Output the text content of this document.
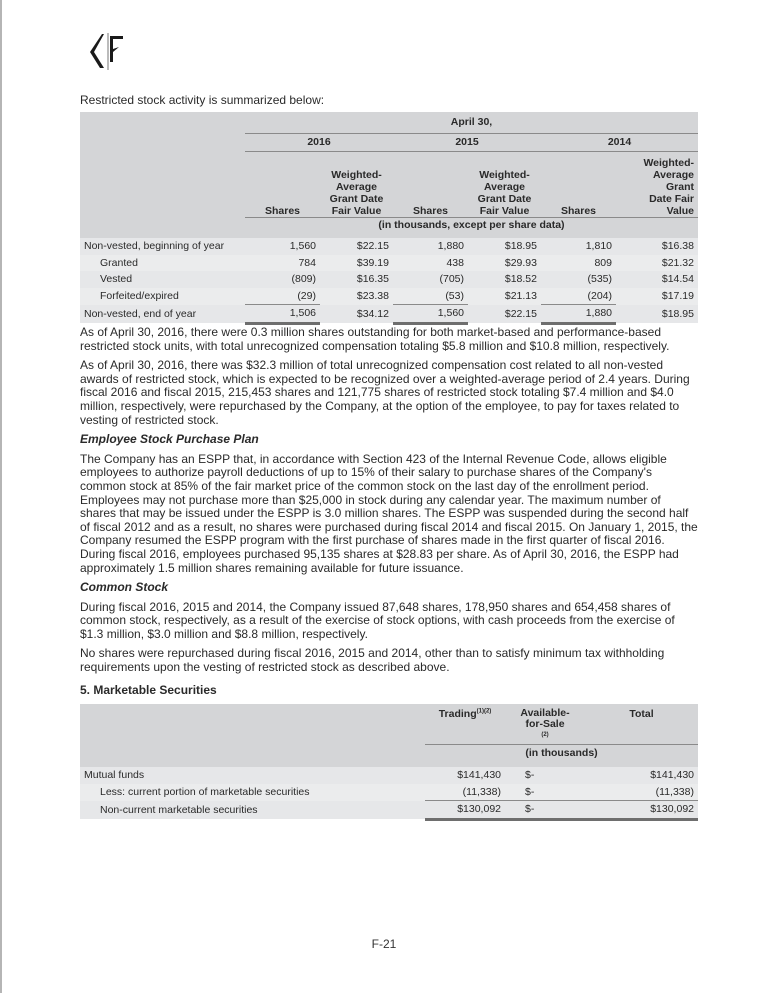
Restricted stock activity is summarized below:
	April 30,					
	2016		2015		2014	
	Shares	Weighted-
Average
Grant Date
Fair Value	Shares	Weighted-
Average
Grant Date
Fair Value	Shares	Weighted-
Average
Grant
Date Fair
Value
	(in thousands, except per share data)					

Non-vested, beginning of year	1,560	$22.15	1,880	$18.95	1,810	$16.38
Granted	784	$39.19	438	$29.93	809	$21.32
Vested	(809)	$16.35	(705)	$18.52	(535)	$14.54
Forfeited/expired	(29)	$23.38	(53)	$21.13	(204)	$17.19
Non-vested, end of year	1,506	$34.12	1,560	$22.15	1,880	$18.95

As of April 30, 2016, there were 0.3 million shares outstanding for both market-based and performance-based restricted stock units, with total unrecognized compensation totaling $5.8 million and $10.8 million, respectively.

As of April 30, 2016, there was $32.3 million of total unrecognized compensation cost related to all non-vested awards of restricted stock, which is expected to be recognized over a weighted-average period of 2.4 years. During fiscal 2016 and fiscal 2015, 215,453 shares and 121,775 shares of restricted stock totaling $7.4 million and $4.0 million, respectively, were repurchased by the Company, at the option of the employee, to pay for taxes related to vesting of restricted stock.

Employee Stock Purchase Plan

The Company has an ESPP that, in accordance with Section 423 of the Internal Revenue Code, allows eligible employees to authorize payroll deductions of up to 15% of their salary to purchase shares of the Company's common stock at 85% of the fair market price of the common stock on the last day of the enrollment period. Employees may not purchase more than $25,000 in stock during any calendar year. The maximum number of shares that may be issued under the ESPP is 3.0 million shares. The ESPP was suspended during the second half of fiscal 2012 and as a result, no shares were purchased during fiscal 2014 and fiscal 2015. On January 1, 2015, the Company resumed the ESPP program with the first purchase of shares made in the first quarter of fiscal 2016. During fiscal 2016, employees purchased 95,135 shares at $28.83 per share. As of April 30, 2016, the ESPP had approximately 1.5 million shares remaining available for future issuance.

Common Stock

During fiscal 2016, 2015 and 2014, the Company issued 87,648 shares, 178,950 shares and 654,458 shares of common stock, respectively, as a result of the exercise of stock options, with cash proceeds from the exercise of $1.3 million, $3.0 million and $8.8 million, respectively.

No shares were repurchased during fiscal 2016, 2015 and 2014, other than to satisfy minimum tax withholding requirements upon the vesting of restricted stock as described above.

5. Marketable Securities

As of April 30, 2016, marketable securities consisted of the following:

	Trading$^{(1)(2)}$	Available-
for-Sale
(2)	Total
	(in thousands)		

Mutual funds	$141,430	$-	$141,430
Less: current portion of marketable securities	(11,338)	$-	(11,338)
Non-current marketable securities	$130,092	$-	$130,092
F-21
